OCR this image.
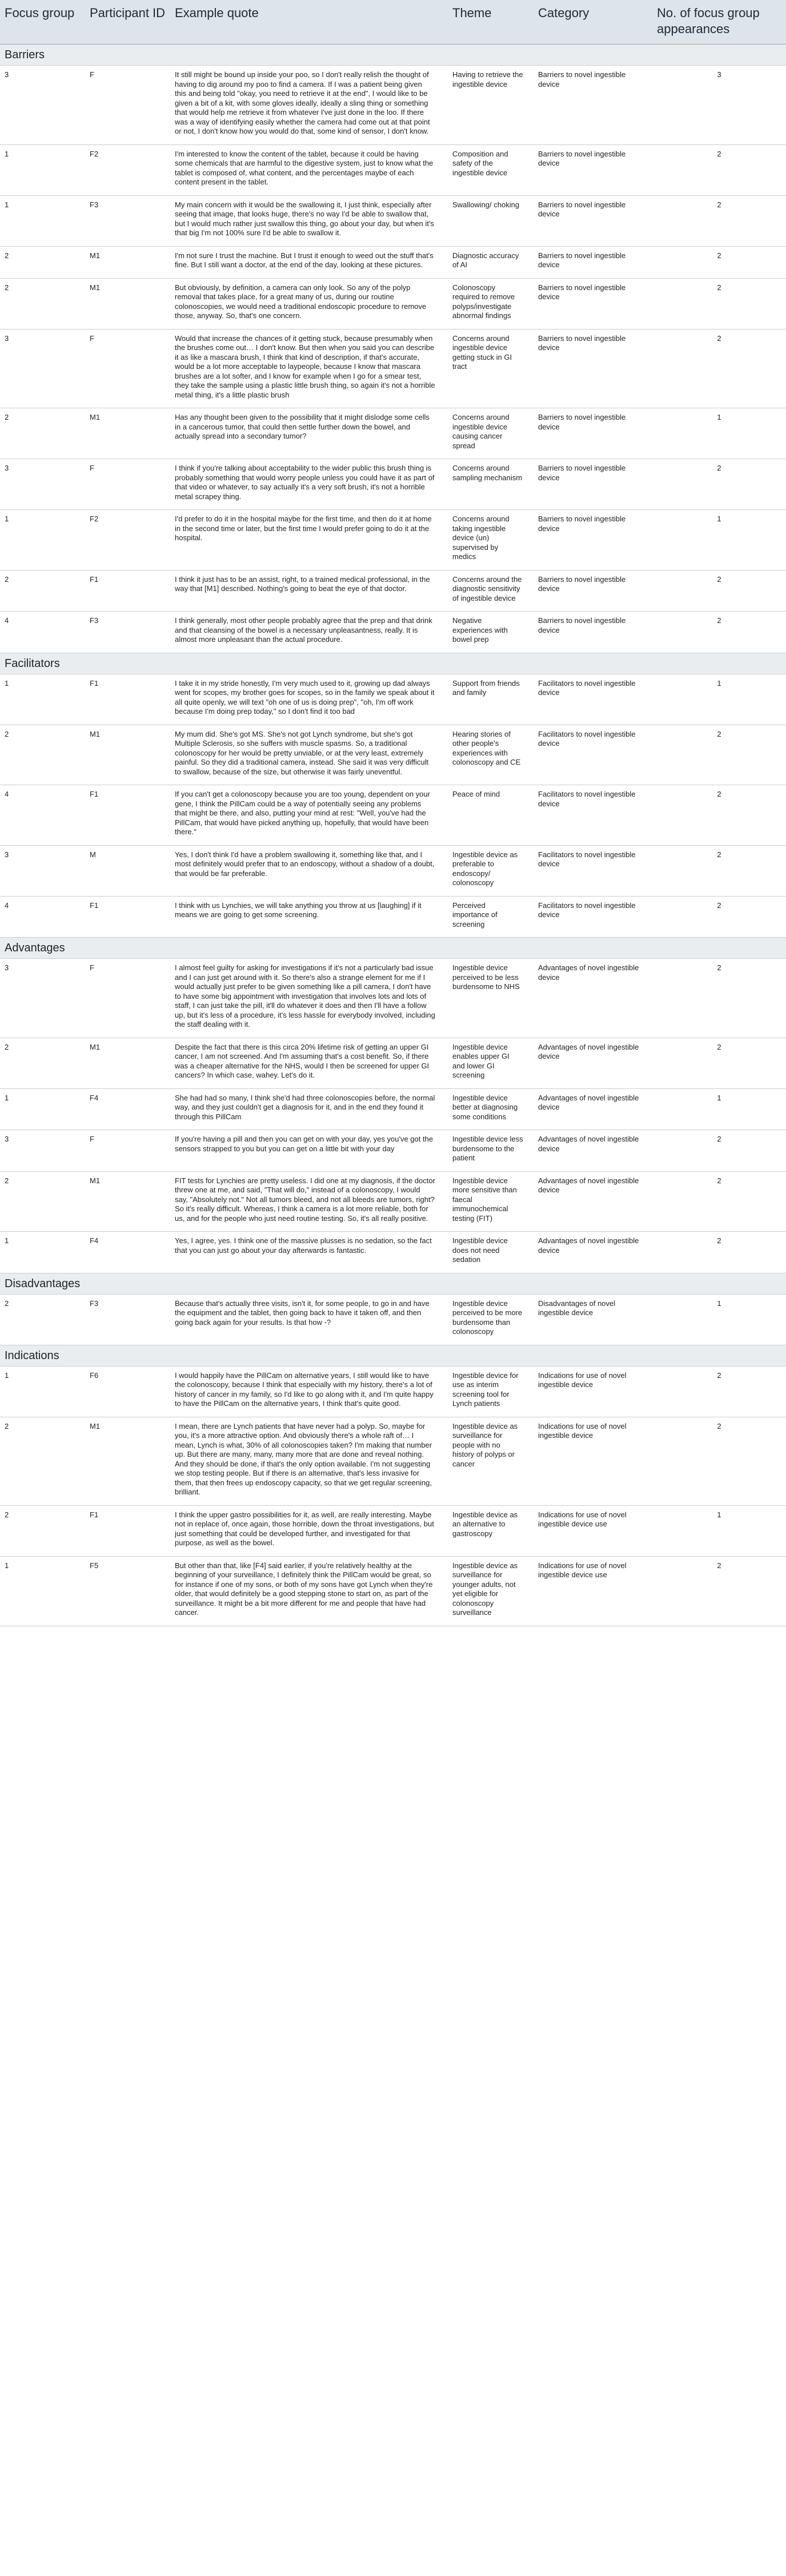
Focus group	Participant ID	Example quote	Theme	Category	No. of focus group appearances
Barriers					
3	F	It still might be bound up inside your poo, so I don't really relish the thought of having to dig around my poo to find a camera. If I was a patient being given this and being told "okay, you need to retrieve it at the end", I would like to be given a bit of a kit, with some gloves ideally, ideally a sling thing or something that would help me retrieve it from whatever I've just done in the loo. If there was a way of identifying easily whether the camera had come out at that point or not, I don't know how you would do that, some kind of sensor, I don't know.	Having to retrieve the ingestible device	Barriers to novel ingestible device	3
1	F2	I'm interested to know the content of the tablet, because it could be having some chemicals that are harmful to the digestive system, just to know what the tablet is composed of, what content, and the percentages maybe of each content present in the tablet.	Composition and safety of the ingestible device	Barriers to novel ingestible device	2
1	F3	My main concern with it would be the swallowing it, I just think, especially after seeing that image, that looks huge, there's no way I'd be able to swallow that, but I would much rather just swallow this thing, go about your day, but when it's that big I'm not 100% sure I'd be able to swallow it.	Swallowing/ choking	Barriers to novel ingestible device	2
2	M1	I'm not sure I trust the machine. But I trust it enough to weed out the stuff that's fine. But I still want a doctor, at the end of the day, looking at these pictures.	Diagnostic accuracy of AI	Barriers to novel ingestible device	2
2	M1	But obviously, by definition, a camera can only look. So any of the polyp removal that takes place, for a great many of us, during our routine colonoscopies, we would need a traditional endoscopic procedure to remove those, anyway. So, that's one concern.	Colonoscopy required to remove polyps/investigate abnormal findings	Barriers to novel ingestible device	2
3	F	Would that increase the chances of it getting stuck, because presumably when the brushes come out… I don't know. But then when you said you can describe it as like a mascara brush, I think that kind of description, if that's accurate, would be a lot more acceptable to laypeople, because I know that mascara brushes are a lot softer, and I know for example when I go for a smear test, they take the sample using a plastic little brush thing, so again it's not a horrible metal thing, it's a little plastic brush	Concerns around ingestible device getting stuck in GI tract	Barriers to novel ingestible device	2
2	M1	Has any thought been given to the possibility that it might dislodge some cells in a cancerous tumor, that could then settle further down the bowel, and actually spread into a secondary tumor?	Concerns around ingestible device causing cancer spread	Barriers to novel ingestible device	1
3	F	I think if you're talking about acceptability to the wider public this brush thing is probably something that would worry people unless you could have it as part of that video or whatever, to say actually it's a very soft brush, it's not a horrible metal scrapey thing.	Concerns around sampling mechanism	Barriers to novel ingestible device	2
1	F2	I'd prefer to do it in the hospital maybe for the first time, and then do it at home in the second time or later, but the first time I would prefer going to do it at the hospital.	Concerns around taking ingestible device (un) supervised by medics	Barriers to novel ingestible device	1
2	F1	I think it just has to be an assist, right, to a trained medical professional, in the way that [M1] described. Nothing's going to beat the eye of that doctor.	Concerns around the diagnostic sensitivity of ingestible device	Barriers to novel ingestible device	2
4	F3	I think generally, most other people probably agree that the prep and that drink and that cleansing of the bowel is a necessary unpleasantness, really. It is almost more unpleasant than the actual procedure.	Negative experiences with bowel prep	Barriers to novel ingestible device	2
Facilitators					
1	F1	I take it in my stride honestly, I'm very much used to it, growing up dad always went for scopes, my brother goes for scopes, so in the family we speak about it all quite openly, we will text "oh one of us is doing prep", "oh, I'm off work because I'm doing prep today," so I don't find it too bad	Support from friends and family	Facilitators to novel ingestible device	1
2	M1	My mum did. She's got MS. She's not got Lynch syndrome, but she's got Multiple Sclerosis, so she suffers with muscle spasms. So, a traditional colonoscopy for her would be pretty unviable, or at the very least, extremely painful. So they did a traditional camera, instead. She said it was very difficult to swallow, because of the size, but otherwise it was fairly uneventful.	Hearing stories of other people's experiences with colonoscopy and CE	Facilitators to novel ingestible device	2
4	F1	If you can't get a colonoscopy because you are too young, dependent on your gene, I think the PillCam could be a way of potentially seeing any problems that might be there, and also, putting your mind at rest: "Well, you've had the PillCam, that would have picked anything up, hopefully, that would have been there."	Peace of mind	Facilitators to novel ingestible device	2
3	M	Yes, I don't think I'd have a problem swallowing it, something like that, and I most definitely would prefer that to an endoscopy, without a shadow of a doubt, that would be far preferable.	Ingestible device as preferable to endoscopy/ colonoscopy	Facilitators to novel ingestible device	2
4	F1	I think with us Lynchies, we will take anything you throw at us [laughing] if it means we are going to get some screening.	Perceived importance of screening	Facilitators to novel ingestible device	2
Advantages					
3	F	I almost feel guilty for asking for investigations if it's not a particularly bad issue and I can just get around with it. So there's also a strange element for me if I would actually just prefer to be given something like a pill camera, I don't have to have some big appointment with investigation that involves lots and lots of staff, I can just take the pill, it'll do whatever it does and then I'll have a follow up, but it's less of a procedure, it's less hassle for everybody involved, including the staff dealing with it.	Ingestible device perceived to be less burdensome to NHS	Advantages of novel ingestible device	2
2	M1	Despite the fact that there is this circa 20% lifetime risk of getting an upper GI cancer, I am not screened. And I'm assuming that's a cost benefit. So, if there was a cheaper alternative for the NHS, would I then be screened for upper GI cancers? In which case, wahey. Let's do it.	Ingestible device enables upper GI and lower GI screening	Advantages of novel ingestible device	2
1	F4	She had had so many, I think she'd had three colonoscopies before, the normal way, and they just couldn't get a diagnosis for it, and in the end they found it through this PillCam	Ingestible device better at diagnosing some conditions	Advantages of novel ingestible device	1
3	F	If you're having a pill and then you can get on with your day, yes you've got the sensors strapped to you but you can get on a little bit with your day	Ingestible device less burdensome to the patient	Advantages of novel ingestible device	2
2	M1	FIT tests for Lynchies are pretty useless. I did one at my diagnosis, if the doctor threw one at me, and said, "That will do," instead of a colonoscopy, I would say, "Absolutely not." Not all tumors bleed, and not all bleeds are tumors, right? So it's really difficult. Whereas, I think a camera is a lot more reliable, both for us, and for the people who just need routine testing. So, it's all really positive.	Ingestible device more sensitive than faecal immunochemical testing (FIT)	Advantages of novel ingestible device	2
1	F4	Yes, I agree, yes. I think one of the massive plusses is no sedation, so the fact that you can just go about your day afterwards is fantastic.	Ingestible device does not need sedation	Advantages of novel ingestible device	2
Disadvantages					
2	F3	Because that's actually three visits, isn't it, for some people, to go in and have the equipment and the tablet, then going back to have it taken off, and then going back again for your results. Is that how -?	Ingestible device perceived to be more burdensome than colonoscopy	Disadvantages of novel ingestible device	1
Indications					
1	F6	I would happily have the PillCam on alternative years, I still would like to have the colonoscopy, because I think that especially with my history, there's a lot of history of cancer in my family, so I'd like to go along with it, and I'm quite happy to have the PillCam on the alternative years, I think that's quite good.	Ingestible device for use as interim screening tool for Lynch patients	Indications for use of novel ingestible device	2
2	M1	I mean, there are Lynch patients that have never had a polyp. So, maybe for you, it's a more attractive option. And obviously there's a whole raft of… I mean, Lynch is what, 30% of all colonoscopies taken? I'm making that number up. But there are many, many, many more that are done and reveal nothing. And they should be done, if that's the only option available. I'm not suggesting we stop testing people. But if there is an alternative, that's less invasive for them, that then frees up endoscopy capacity, so that we get regular screening, brilliant.	Ingestible device as surveillance for people with no history of polyps or cancer	Indications for use of novel ingestible device	2
2	F1	I think the upper gastro possibilities for it, as well, are really interesting. Maybe not in replace of, once again, those horrible, down the throat investigations, but just something that could be developed further, and investigated for that purpose, as well as the bowel.	Ingestible device as an alternative to gastroscopy	Indications for use of novel ingestible device use	1
1	F5	But other than that, like [F4] said earlier, if you're relatively healthy at the beginning of your surveillance, I definitely think the PillCam would be great, so for instance if one of my sons, or both of my sons have got Lynch when they're older, that would definitely be a good stepping stone to start on, as part of the surveillance. It might be a bit more different for me and people that have had cancer.	Ingestible device as surveillance for younger adults, not yet eligible for colonoscopy surveillance	Indications for use of novel ingestible device use	2
